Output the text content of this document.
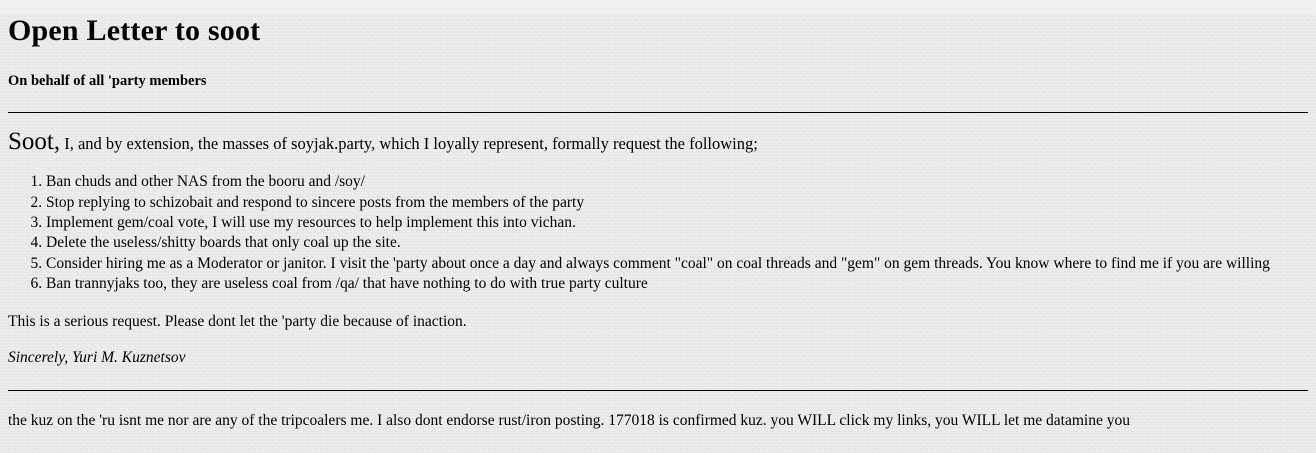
Open Letter to soot
On behalf of all 'party members

Soot, I, and by extension, the masses of soyjak.party, which I loyally represent, formally request the following;

1. Ban chuds and other NAS from the booru and /soy/
2. Stop replying to schizobait and respond to sincere posts from the members of the party
3. Implement gem/coal vote, I will use my resources to help implement this into vichan.
4. Delete the useless/shitty boards that only coal up the site.
5. Consider hiring me as a Moderator or janitor. I visit the 'party about once a day and always comment "coal" on coal threads and "gem" on gem threads. You know where to find me if you are willing
6. Ban trannyjaks too, they are useless coal from /qa/ that have nothing to do with true party culture

This is a serious request. Please dont let the 'party die because of inaction.

Sincerely, Yuri M. Kuznetsov

the kuz on the 'ru isnt me nor are any of the tripcoalers me. I also dont endorse rust/iron posting. 177018 is confirmed kuz. you WILL click my links, you WILL let me datamine you
